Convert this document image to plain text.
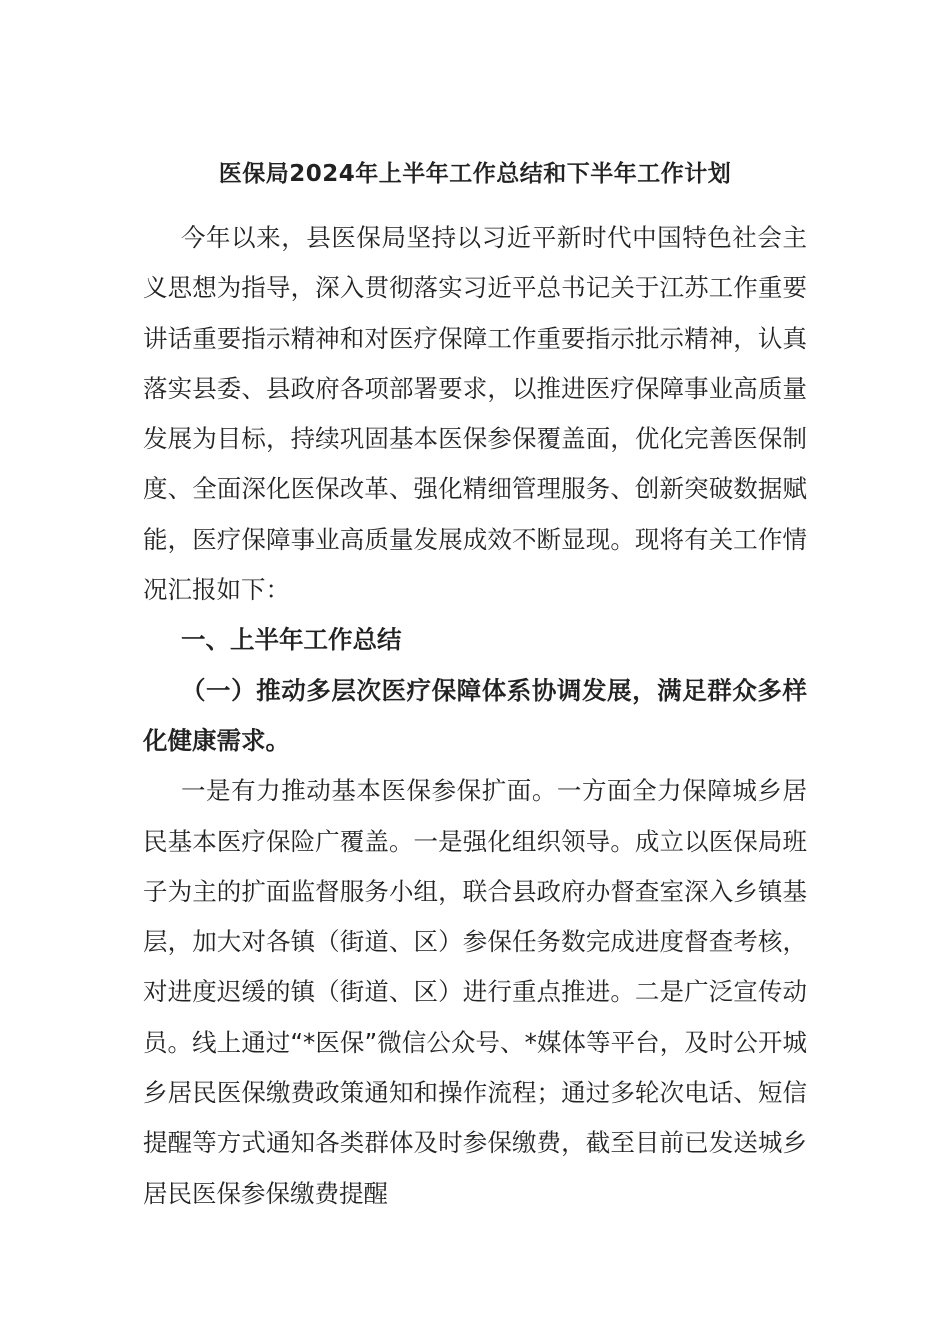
医保局2024年上半年工作总结和下半年工作计划

今年以来，县医保局坚持以习近平新时代中国特色社会主义思想为指导，深入贯彻落实习近平总书记关于江苏工作重要讲话重要指示精神和对医疗保障工作重要指示批示精神，认真落实县委、县政府各项部署要求，以推进医疗保障事业高质量发展为目标，持续巩固基本医保参保覆盖面，优化完善医保制度、全面深化医保改革、强化精细管理服务、创新突破数据赋能，医疗保障事业高质量发展成效不断显现。现将有关工作情况汇报如下：

一、上半年工作总结

（一）推动多层次医疗保障体系协调发展，满足群众多样化健康需求。

一是有力推动基本医保参保扩面。一方面全力保障城乡居民基本医疗保险广覆盖。一是强化组织领导。成立以医保局班子为主的扩面监督服务小组，联合县政府办督查室深入乡镇基层，加大对各镇（街道、区）参保任务数完成进度督查考核，对进度迟缓的镇（街道、区）进行重点推进。二是广泛宣传动员。线上通过“*医保”微信公众号、*媒体等平台，及时公开城乡居民医保缴费政策通知和操作流程；通过多轮次电话、短信提醒等方式通知各类群体及时参保缴费，截至目前已发送城乡居民医保参保缴费提醒
